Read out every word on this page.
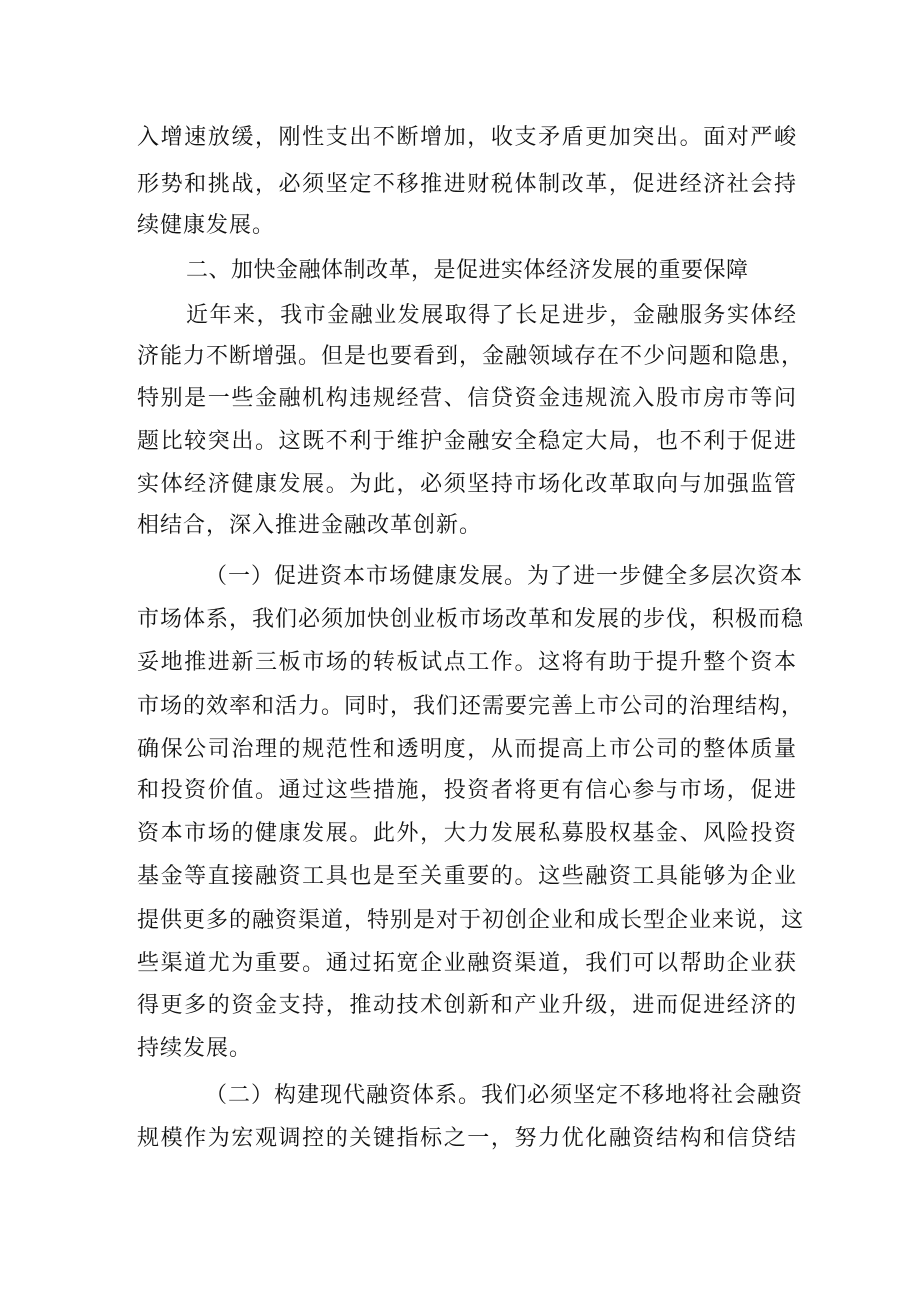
入增速放缓，刚性支出不断增加，收支矛盾更加突出。面对严峻
形势和挑战，必须坚定不移推进财税体制改革，促进经济社会持
续健康发展。
二、加快金融体制改革，是促进实体经济发展的重要保障
近年来，我市金融业发展取得了长足进步，金融服务实体经
济能力不断增强。但是也要看到，金融领域存在不少问题和隐患，
特别是一些金融机构违规经营、信贷资金违规流入股市房市等问
题比较突出。这既不利于维护金融安全稳定大局，也不利于促进
实体经济健康发展。为此，必须坚持市场化改革取向与加强监管
相结合，深入推进金融改革创新。
（一）促进资本市场健康发展。为了进一步健全多层次资本
市场体系，我们必须加快创业板市场改革和发展的步伐，积极而稳
妥地推进新三板市场的转板试点工作。这将有助于提升整个资本
市场的效率和活力。同时，我们还需要完善上市公司的治理结构，
确保公司治理的规范性和透明度，从而提高上市公司的整体质量
和投资价值。通过这些措施，投资者将更有信心参与市场，促进
资本市场的健康发展。此外，大力发展私募股权基金、风险投资
基金等直接融资工具也是至关重要的。这些融资工具能够为企业
提供更多的融资渠道，特别是对于初创企业和成长型企业来说，这
些渠道尤为重要。通过拓宽企业融资渠道，我们可以帮助企业获
得更多的资金支持，推动技术创新和产业升级，进而促进经济的
持续发展。
（二）构建现代融资体系。我们必须坚定不移地将社会融资
规模作为宏观调控的关键指标之一，努力优化融资结构和信贷结
